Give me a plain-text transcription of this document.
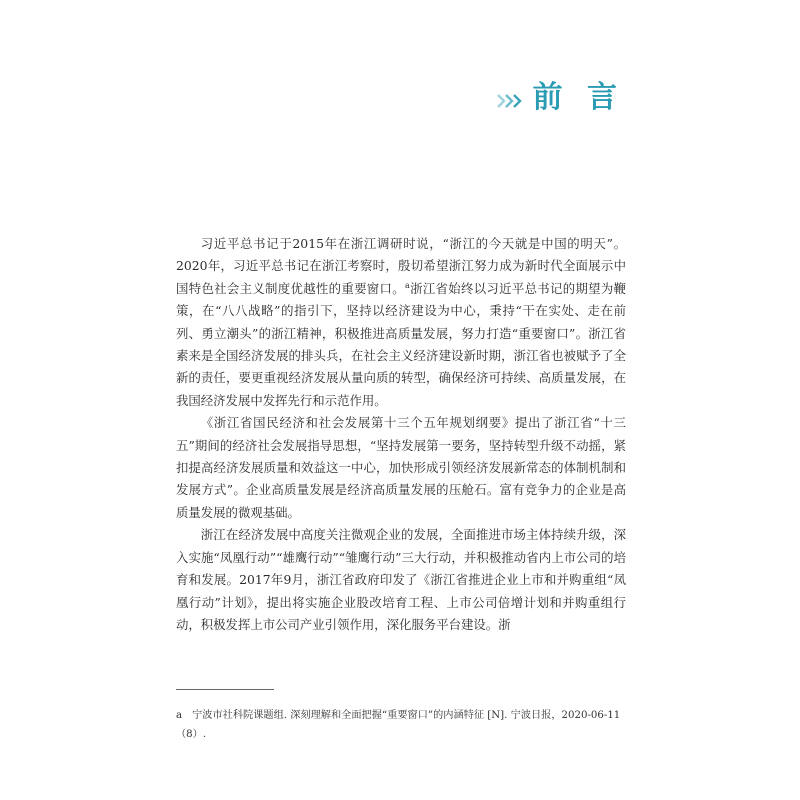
前 言

习近平总书记于2015年在浙江调研时说，“浙江的今天就是中国的明天”。2020年，习近平总书记在浙江考察时，殷切希望浙江努力成为新时代全面展示中国特色社会主义制度优越性的重要窗口。$^a$浙江省始终以习近平总书记的期望为鞭策，在“八八战略”的指引下，坚持以经济建设为中心，秉持“干在实处、走在前列、勇立潮头”的浙江精神，积极推进高质量发展，努力打造“重要窗口”。浙江省素来是全国经济发展的排头兵，在社会主义经济建设新时期，浙江省也被赋予了全新的责任，要更重视经济发展从量向质的转型，确保经济可持续、高质量发展，在我国经济发展中发挥先行和示范作用。

《浙江省国民经济和社会发展第十三个五年规划纲要》提出了浙江省“十三五”期间的经济社会发展指导思想，“坚持发展第一要务，坚持转型升级不动摇，紧扣提高经济发展质量和效益这一中心，加快形成引领经济发展新常态的体制机制和发展方式”。企业高质量发展是经济高质量发展的压舱石。富有竞争力的企业是高质量发展的微观基础。

浙江在经济发展中高度关注微观企业的发展，全面推进市场主体持续升级，深入实施“凤凰行动”“雄鹰行动”“雏鹰行动”三大行动，并积极推动省内上市公司的培育和发展。2017年9月，浙江省政府印发了《浙江省推进企业上市和并购重组“凤凰行动”计划》，提出将实施企业股改培育工程、上市公司倍增计划和并购重组行动，积极发挥上市公司产业引领作用，深化服务平台建设。浙

a 宁波市社科院课题组. 深刻理解和全面把握“重要窗口”的内涵特征 [N]. 宁波日报，2020-06-11（8）.
